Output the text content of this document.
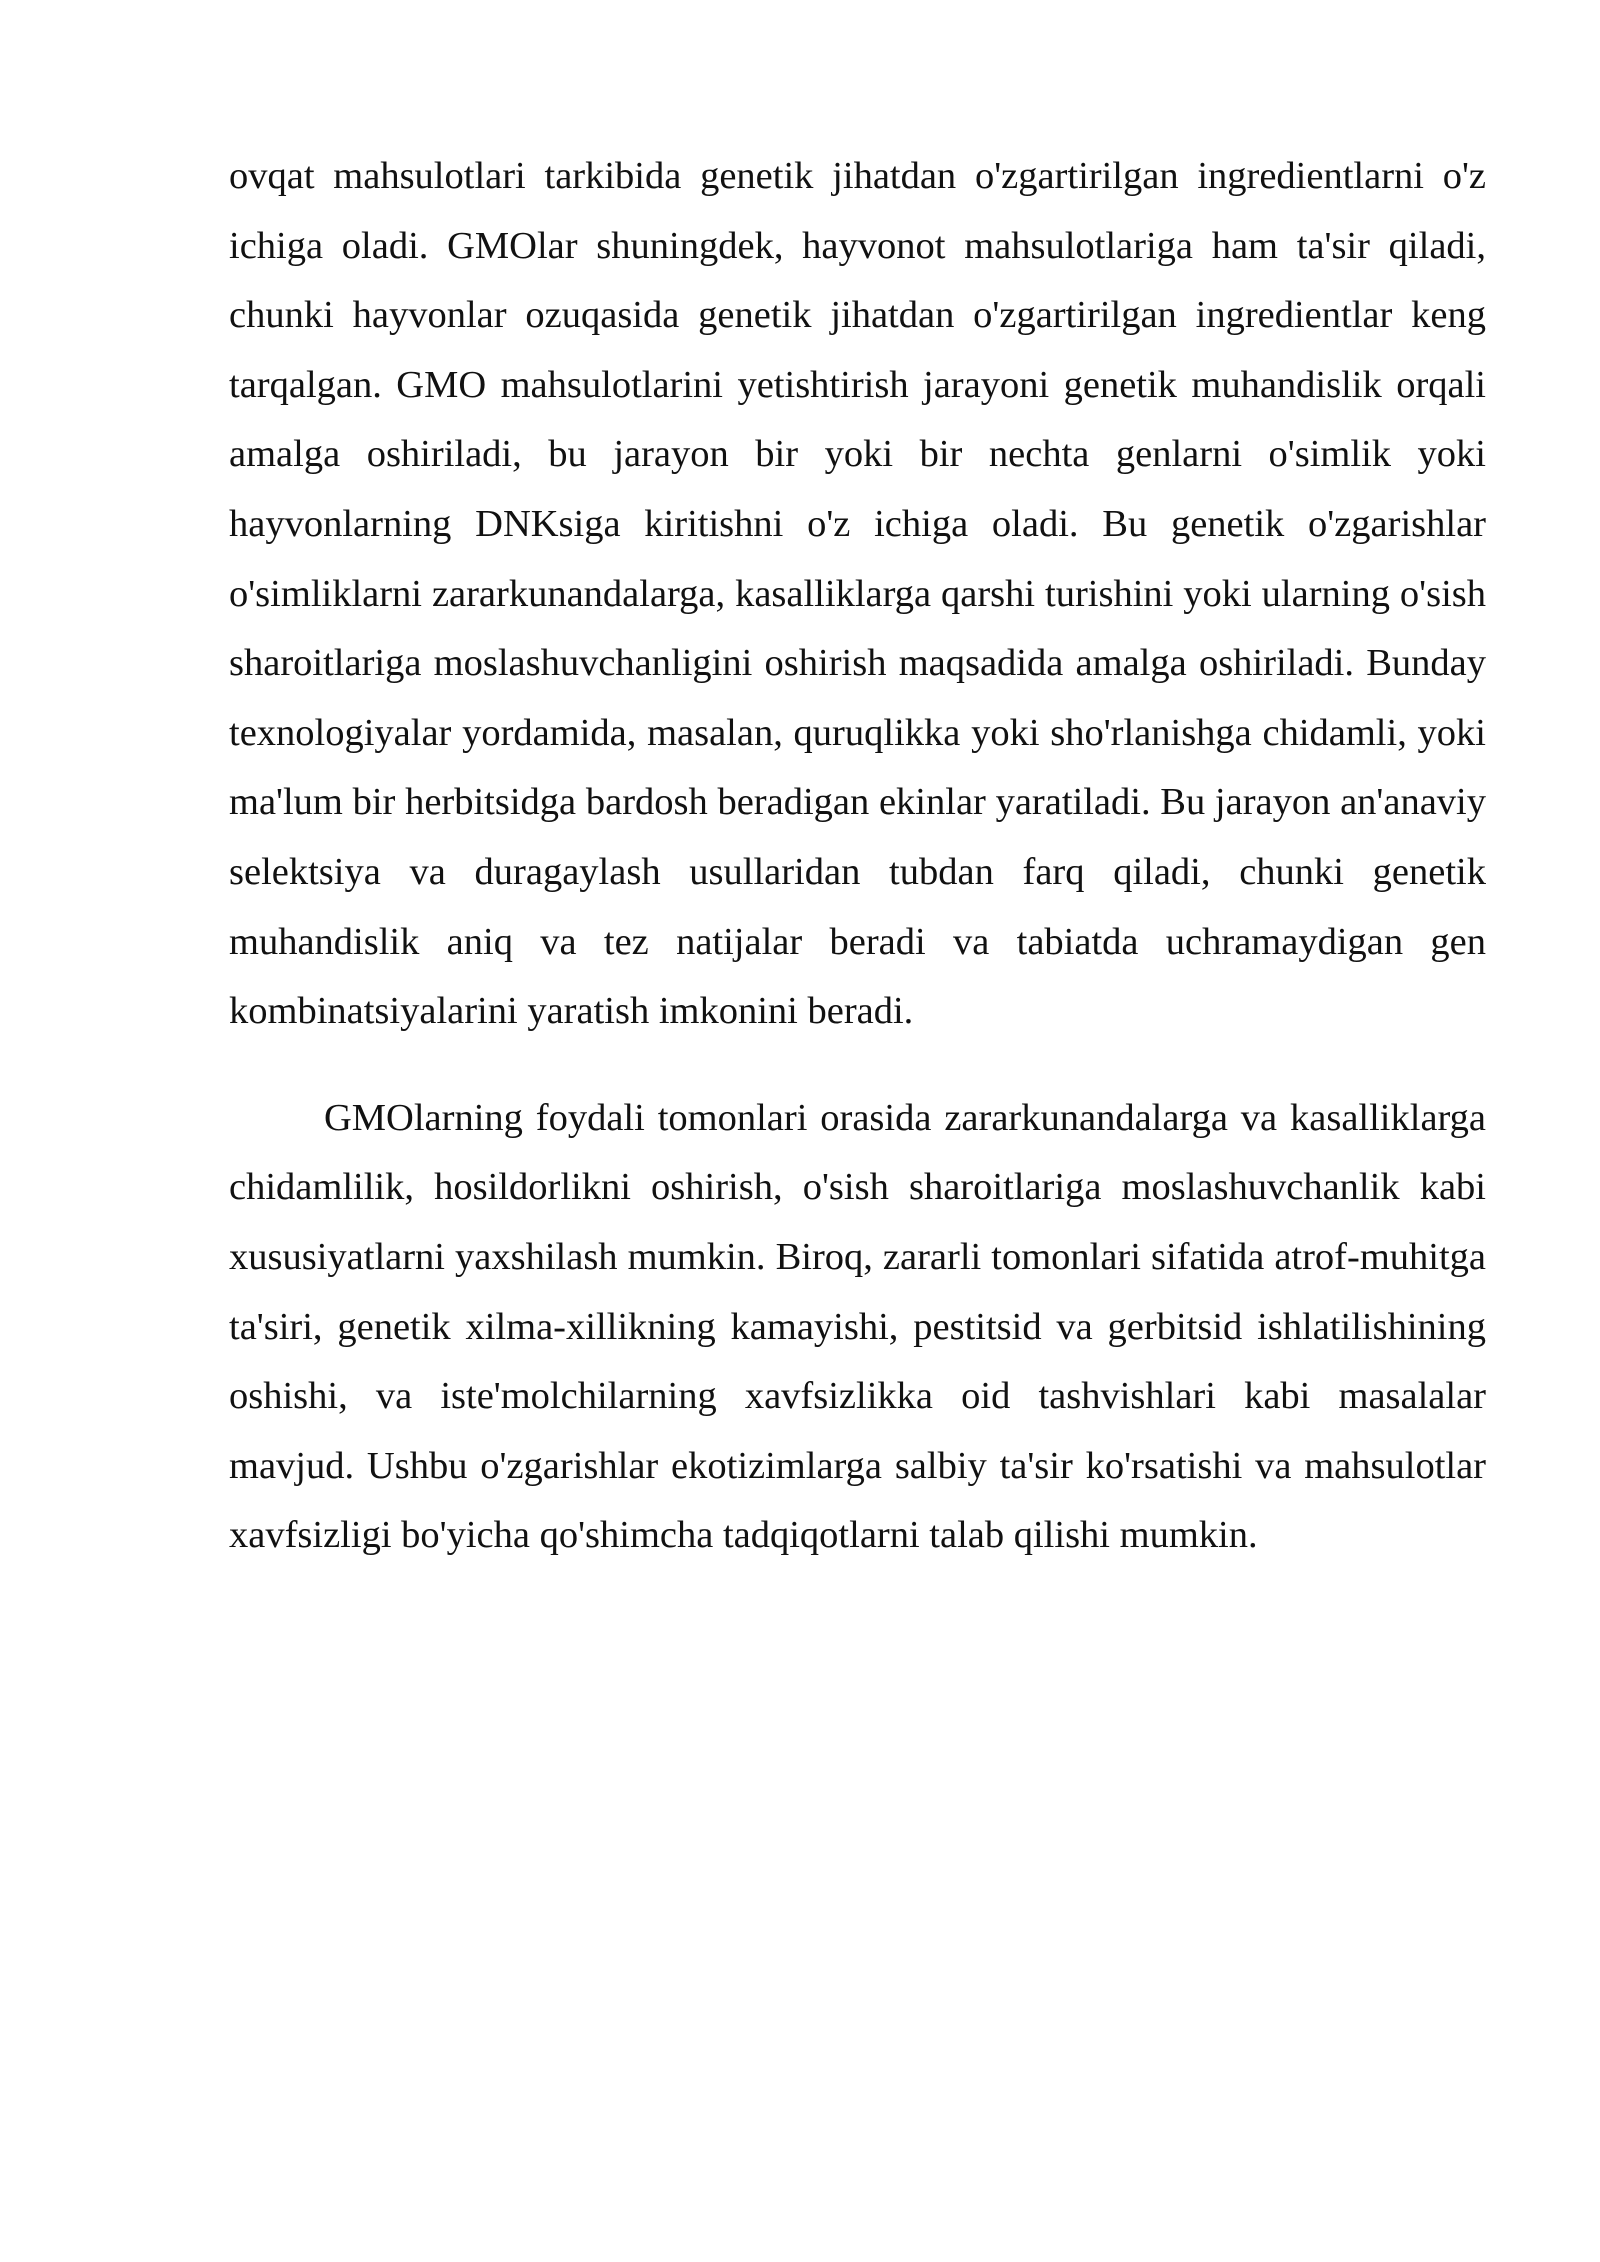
ovqat mahsulotlari tarkibida genetik jihatdan o'zgartirilgan ingredientlarni o'z ichiga oladi. GMOlar shuningdek, hayvonot mahsulotlariga ham ta'sir qiladi, chunki hayvonlar ozuqasida genetik jihatdan o'zgartirilgan ingredientlar keng tarqalgan. GMO mahsulotlarini yetishtirish jarayoni genetik muhandislik orqali amalga oshiriladi, bu jarayon bir yoki bir nechta genlarni o'simlik yoki hayvonlarning DNKsiga kiritishni o'z ichiga oladi. Bu genetik o'zgarishlar o'simliklarni zararkunandalarga, kasalliklarga qarshi turishini yoki ularning o'sish sharoitlariga moslashuvchanligini oshirish maqsadida amalga oshiriladi. Bunday texnologiyalar yordamida, masalan, quruqlikka yoki sho'rlanishga chidamli, yoki ma'lum bir herbitsidga bardosh beradigan ekinlar yaratiladi. Bu jarayon an'anaviy selektsiya va duragaylash usullaridan tubdan farq qiladi, chunki genetik muhandislik aniq va tez natijalar beradi va tabiatda uchramaydigan gen kombinatsiyalarini yaratish imkonini beradi.

GMOlarning foydali tomonlari orasida zararkunandalarga va kasalliklarga chidamlilik, hosildorlikni oshirish, o'sish sharoitlariga moslashuvchanlik kabi xususiyatlarni yaxshilash mumkin. Biroq, zararli tomonlari sifatida atrof-muhitga ta'siri, genetik xilma-xillikning kamayishi, pestitsid va gerbitsid ishlatilishining oshishi, va iste'molchilarning xavfsizlikka oid tashvishlari kabi masalalar mavjud. Ushbu o'zgarishlar ekotizimlarga salbiy ta'sir ko'rsatishi va mahsulotlar xavfsizligi bo'yicha qo'shimcha tadqiqotlarni talab qilishi mumkin.
